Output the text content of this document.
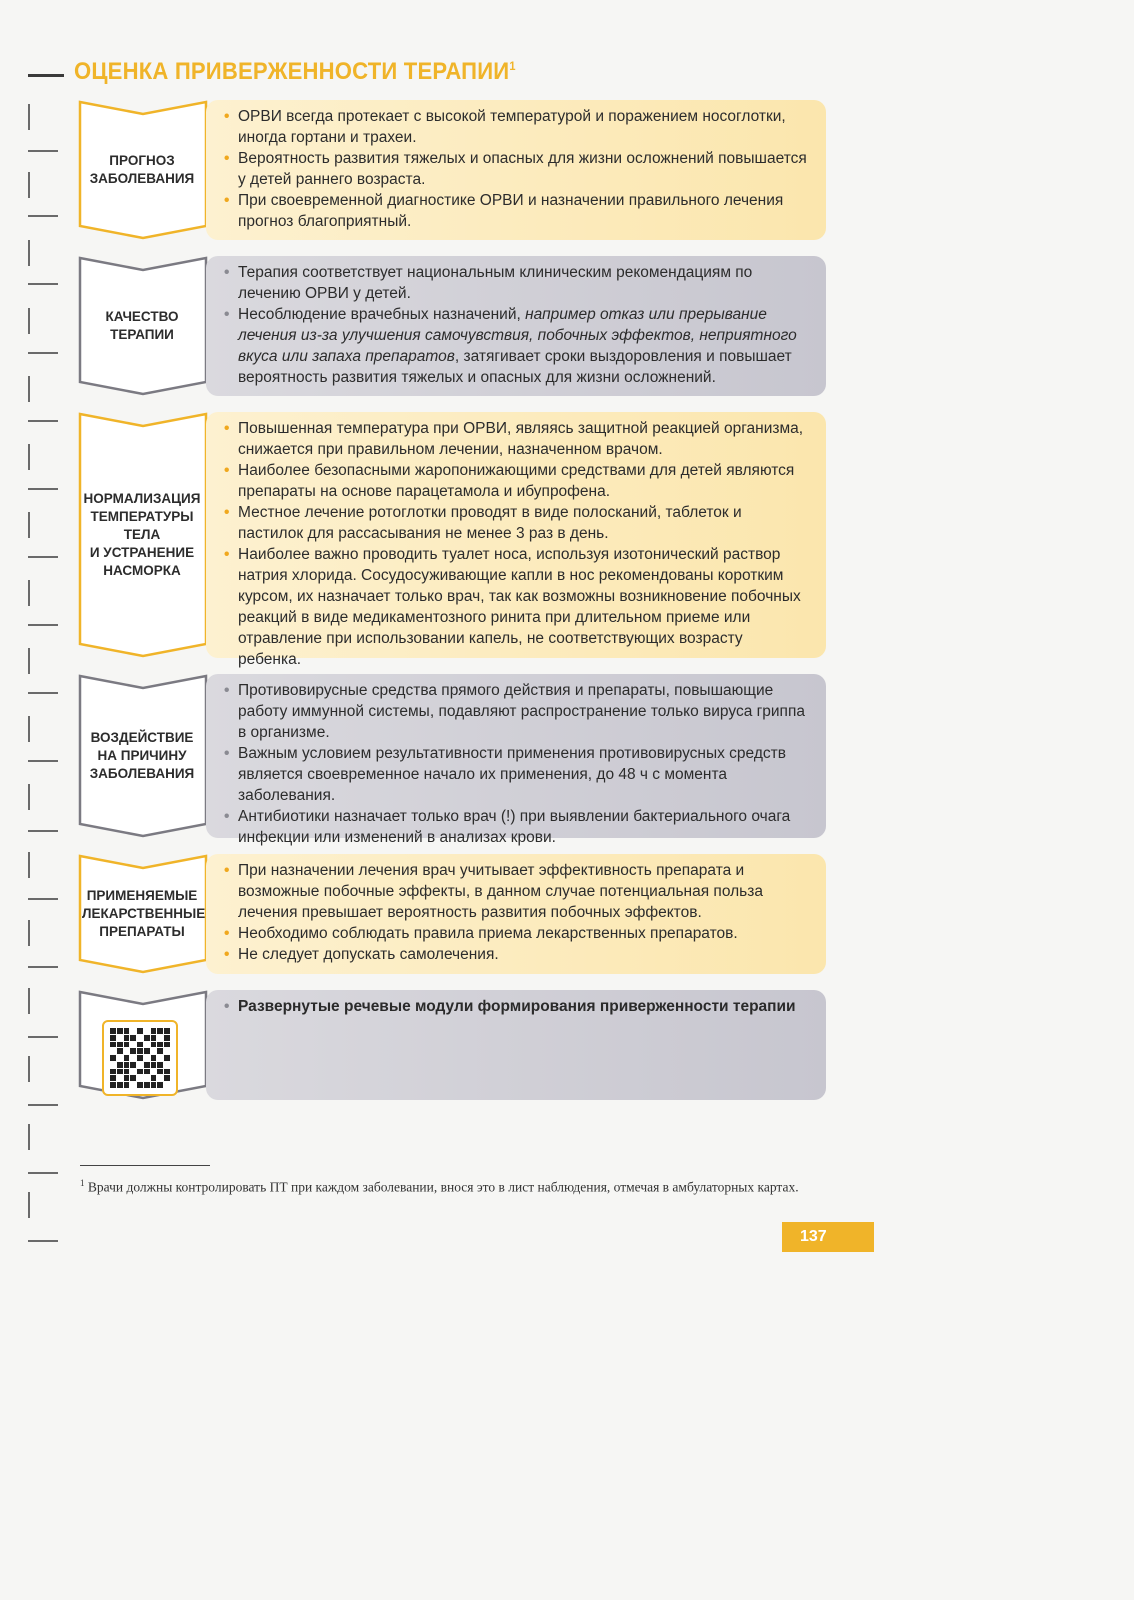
ОЦЕНКА ПРИВЕРЖЕННОСТИ ТЕРАПИИ$^1$
ПРОГНОЗ
ЗАБОЛЕВАНИЯ
• ОРВИ всегда протекает с высокой температурой и поражением носоглотки, иногда гортани и трахеи.
• Вероятность развития тяжелых и опасных для жизни осложнений повышается у детей раннего возраста.
• При своевременной диагностике ОРВИ и назначении правильного лечения прогноз благоприятный.
КАЧЕСТВО
ТЕРАПИИ
• Терапия соответствует национальным клиническим рекомендациям по лечению ОРВИ у детей.
• Несоблюдение врачебных назначений, например отказ или прерывание лечения из-за улучшения самочувствия, побочных эффектов, неприятного вкуса или запаха препаратов, затягивает сроки выздоровления и повышает вероятность развития тяжелых и опасных для жизни осложнений.
НОРМАЛИЗАЦИЯ
ТЕМПЕРАТУРЫ
ТЕЛА
И УСТРАНЕНИЕ
НАСМОРКА
• Повышенная температура при ОРВИ, являясь защитной реакцией организма, снижается при правильном лечении, назначенном врачом.
• Наиболее безопасными жаропонижающими средствами для детей являются препараты на основе парацетамола и ибупрофена.
• Местное лечение ротоглотки проводят в виде полосканий, таблеток и пастилок для рассасывания не менее 3 раз в день.
• Наиболее важно проводить туалет носа, используя изотонический раствор натрия хлорида. Сосудосуживающие капли в нос рекомендованы коротким курсом, их назначает только врач, так как возможны возникновение побочных реакций в виде медикаментозного ринита при длительном приеме или отравление при использовании капель, не соответствующих возрасту ребенка.
ВОЗДЕЙСТВИЕ
НА ПРИЧИНУ
ЗАБОЛЕВАНИЯ
• Противовирусные средства прямого действия и препараты, повышающие работу иммунной системы, подавляют распространение только вируса гриппа в организме.
• Важным условием результативности применения противовирусных средств является своевременное начало их применения, до 48 ч с момента заболевания.
• Антибиотики назначает только врач (!) при выявлении бактериального очага инфекции или изменений в анализах крови.
ПРИМЕНЯЕМЫЕ
ЛЕКАРСТВЕННЫЕ
ПРЕПАРАТЫ
• При назначении лечения врач учитывает эффективность препарата и возможные побочные эффекты, в данном случае потенциальная польза лечения превышает вероятность развития побочных эффектов.
• Необходимо соблюдать правила приема лекарственных препаратов.
• Не следует допускать самолечения.
• Развернутые речевые модули формирования приверженности терапии
$^1$ Врачи должны контролировать ПТ при каждом заболевании, внося это в лист наблюдения, отмечая в амбулаторных картах.
137
